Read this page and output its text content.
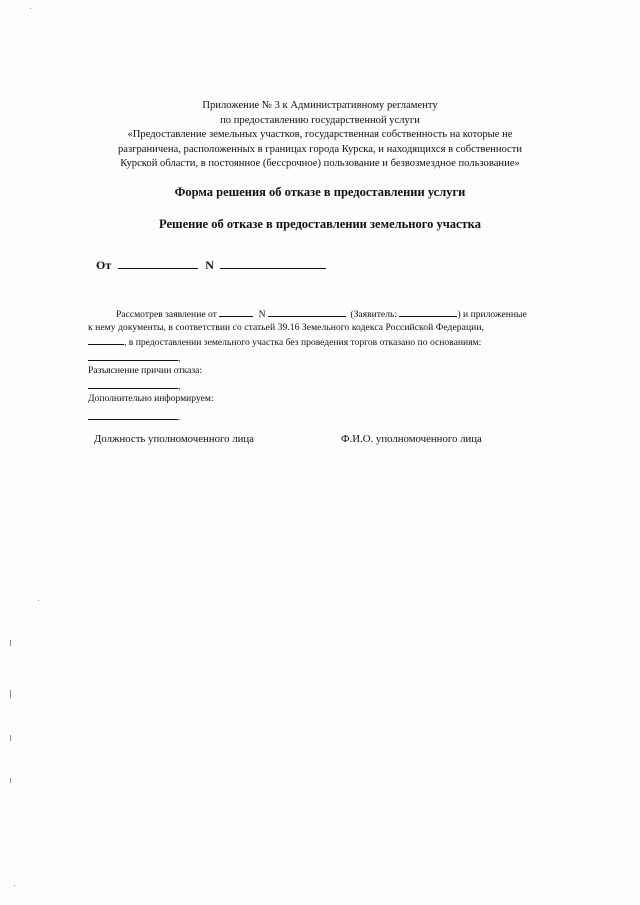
Приложение № 3 к Административному регламенту
по предоставлению государственной услуги
«Предоставление земельных участков, государственная собственность на которые не
разграничена, расположенных в границах города Курска, и находящихся в собственности
Курской области, в постоянное (бессрочное) пользование и безвозмездное пользование»
Форма решения об отказе в предоставлении услуги
Решение об отказе в предоставлении земельного участка
От	N
Рассмотрев заявление от	N	(Заявитель:	) и приложенные
к нему документы, в соответствии со статьей 39.16 Земельного кодекса Российской Федерации,
, в предоставлении земельного участка без проведения торгов отказано по основаниям:
,
Разъяснение причин отказа:
,
Дополнительно информируем:
.
Должность уполномоченного лица	Ф.И.О. уполномоченного лица
